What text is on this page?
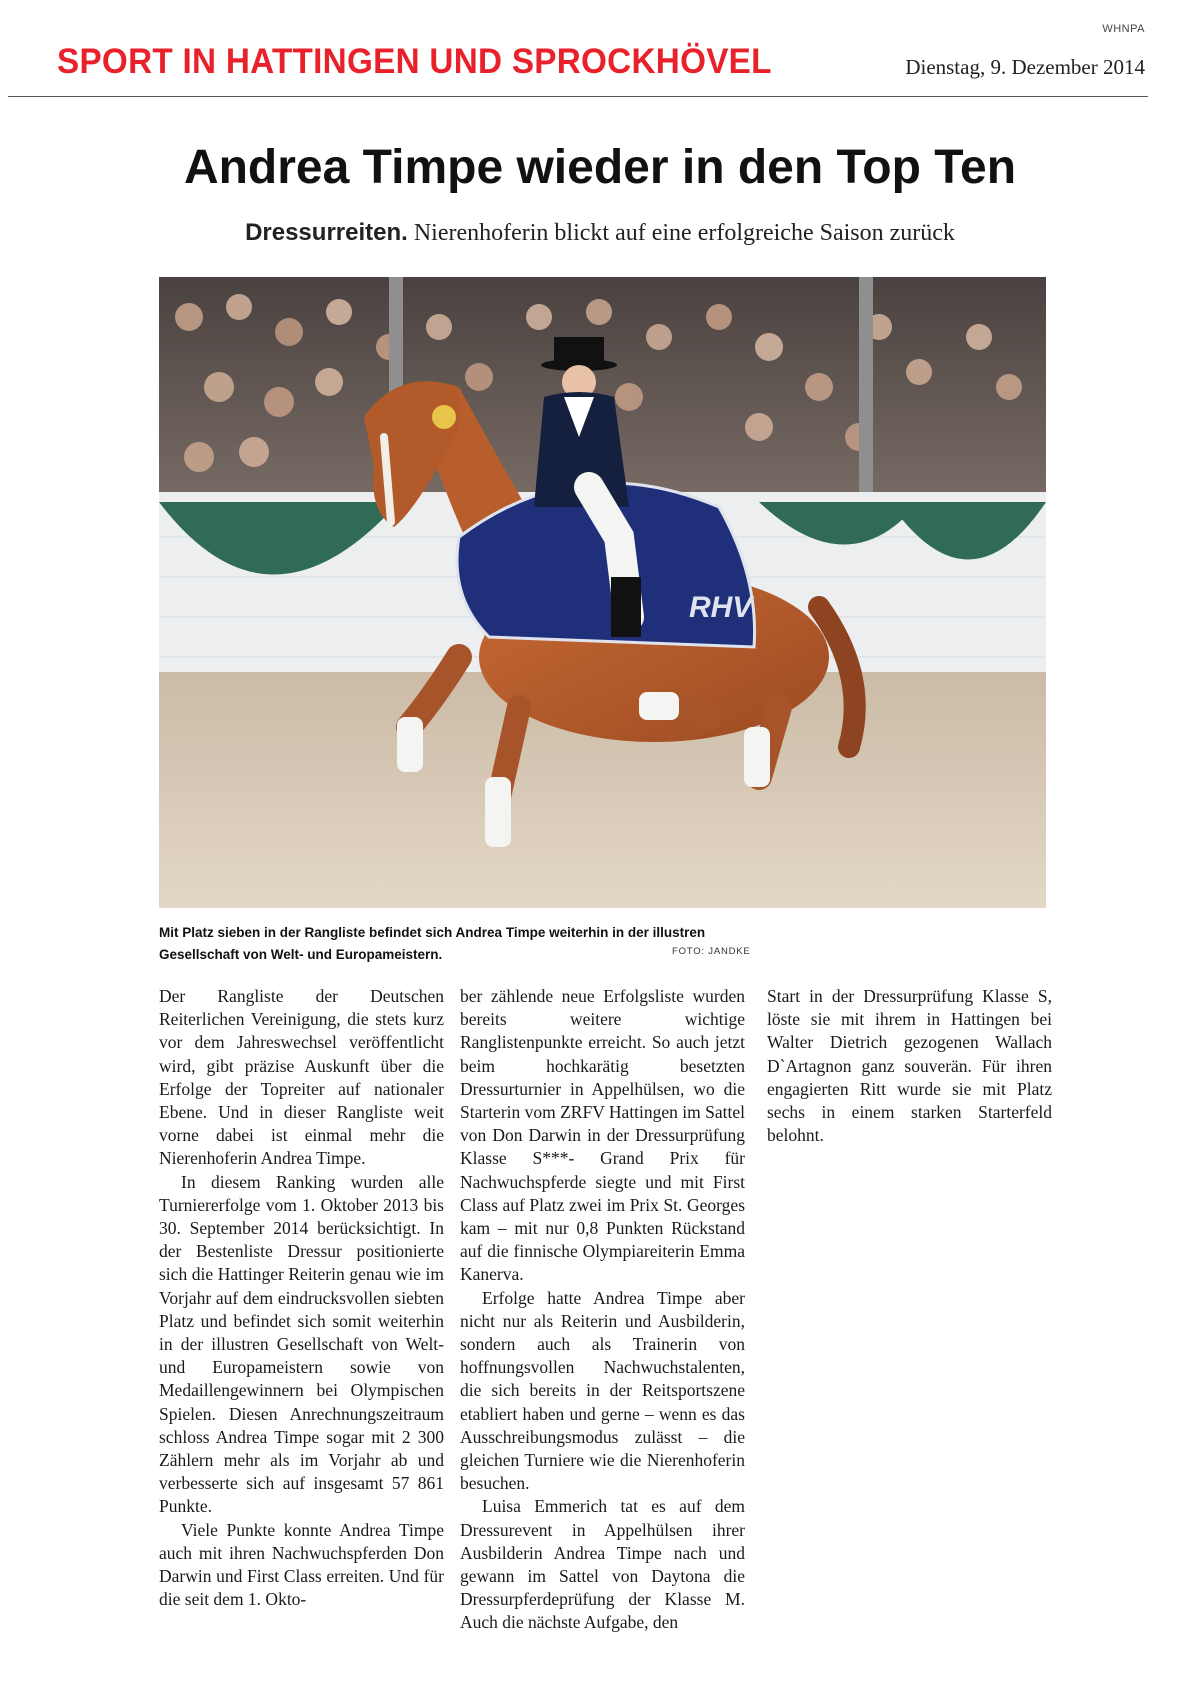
WHNPA
SPORT IN HATTINGEN UND SPROCKHÖVEL	Dienstag, 9. Dezember 2014
Andrea Timpe wieder in den Top Ten
Dressurreiten. Nierenhoferin blickt auf eine erfolgreiche Saison zurück
RHV
Mit Platz sieben in der Rangliste befindet sich Andrea Timpe weiterhin in der illustren Gesellschaft von Welt- und Europameistern.	FOTO: JANDKE

Der Rangliste der Deutschen Reiterlichen Vereinigung, die stets kurz vor dem Jahreswechsel veröffentlicht wird, gibt präzise Auskunft über die Erfolge der Topreiter auf nationaler Ebene. Und in dieser Rangliste weit vorne dabei ist einmal mehr die Nierenhoferin Andrea Timpe.

In diesem Ranking wurden alle Turniererfolge vom 1. Oktober 2013 bis 30. September 2014 berücksichtigt. In der Bestenliste Dressur positionierte sich die Hattinger Reiterin genau wie im Vorjahr auf dem eindrucksvollen siebten Platz und befindet sich somit weiterhin in der illustren Gesellschaft von Welt- und Europameistern sowie von Medaillengewinnern bei Olympischen Spielen. Diesen Anrechnungszeitraum schloss Andrea Timpe sogar mit 2 300 Zählern mehr als im Vorjahr ab und verbesserte sich auf insgesamt 57 861 Punkte.

Viele Punkte konnte Andrea Timpe auch mit ihren Nachwuchspferden Don Darwin und First Class erreiten. Und für die seit dem 1. Okto-

ber zählende neue Erfolgsliste wurden bereits weitere wichtige Ranglistenpunkte erreicht. So auch jetzt beim hochkarätig besetzten Dressurturnier in Appelhülsen, wo die Starterin vom ZRFV Hattingen im Sattel von Don Darwin in der Dressurprüfung Klasse S***- Grand Prix für Nachwuchspferde siegte und mit First Class auf Platz zwei im Prix St. Georges kam – mit nur 0,8 Punkten Rückstand auf die finnische Olympiareiterin Emma Kanerva.

Erfolge hatte Andrea Timpe aber nicht nur als Reiterin und Ausbilderin, sondern auch als Trainerin von hoffnungsvollen Nachwuchstalenten, die sich bereits in der Reitsportszene etabliert haben und gerne – wenn es das Ausschreibungsmodus zulässt – die gleichen Turniere wie die Nierenhoferin besuchen.

Luisa Emmerich tat es auf dem Dressurevent in Appelhülsen ihrer Ausbilderin Andrea Timpe nach und gewann im Sattel von Daytona die Dressurpferdeprüfung der Klasse M. Auch die nächste Aufgabe, den

Start in der Dressurprüfung Klasse S, löste sie mit ihrem in Hattingen bei Walter Dietrich gezogenen Wallach D`Artagnon ganz souverän. Für ihren engagierten Ritt wurde sie mit Platz sechs in einem starken Starterfeld belohnt.
